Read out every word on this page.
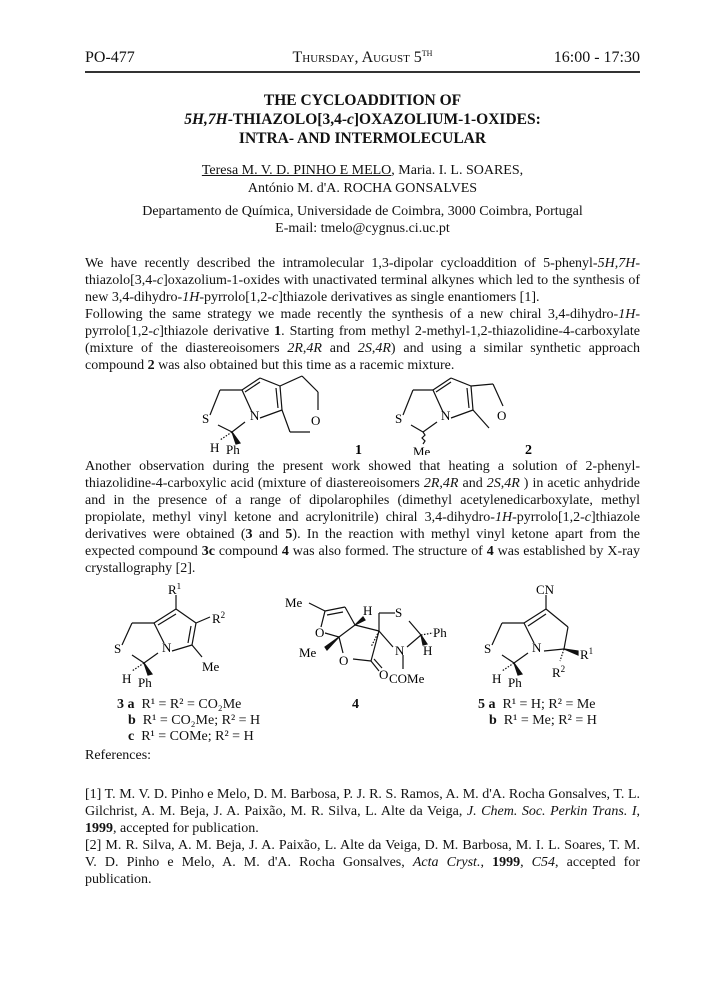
PO-477	Thursday, August 5TH	16:00 - 17:30
THE CYCLOADDITION OF
5H,7H-THIAZOLO[3,4-c]OXAZOLIUM-1-OXIDES:
INTRA- AND INTERMOLECULAR
Teresa M. V. D. PINHO E MELO, Maria. I. L. SOARES,
António M. d'A. ROCHA GONSALVES
Departamento de Química, Universidade de Coimbra, 3000 Coimbra, Portugal
E-mail: tmelo@cygnus.ci.uc.pt
We have recently described the intramolecular 1,3-dipolar cycloaddition of 5-phenyl-5H,7H-thiazolo[3,4-c]oxazolium-1-oxides with unactivated terminal alkynes which led to the synthesis of new 3,4-dihydro-1H-pyrrolo[1,2-c]thiazole derivatives as single enantiomers [1].
Following the same strategy we made recently the synthesis of a new chiral 3,4-dihydro-1H-pyrrolo[1,2-c]thiazole derivative 1. Starting from methyl 2-methyl-1,2-thiazolidine-4-carboxylate (mixture of the diastereoisomers 2R,4R and 2S,4R) and using a similar synthetic approach compound 2 was also obtained but this time as a racemic mixture.
S	N	O
H Ph	1
S	N	O
Me	2
Another observation during the present work showed that heating a solution of 2-phenyl-thiazolidine-4-carboxylic acid (mixture of diastereoisomers 2R,4R and 2S,4R ) in acetic anhydride and in the presence of a range of dipolarophiles (dimethyl acetylenedicarboxylate, methyl propiolate, methyl vinyl ketone and acrylonitrile) chiral 3,4-dihydro-1H-pyrrolo[1,2-c]thiazole derivatives were obtained (3 and 5). In the reaction with methyl vinyl ketone apart from the expected compound 3c compound 4 was also formed. The structure of 4 was established by X-ray crystallography [2].
S	N
$R^1$
$R^2$
Me
H Ph
3 a R¹ = R² = CO₂Me
b R¹ = CO₂Me; R² = H
c R¹ = COMe; R² = H
Me
O
Me
O
O
H S
Ph
N H
COMe
4
CN
S	N	$R^1$
$R^2$
H Ph
5 a R¹ = H; R² = Me
b R¹ = Me; R² = H
References:

[1] T. M. V. D. Pinho e Melo, D. M. Barbosa, P. J. R. S. Ramos, A. M. d'A. Rocha Gonsalves, T. L. Gilchrist, A. M. Beja, J. A. Paixão, M. R. Silva, L. Alte da Veiga, J. Chem. Soc. Perkin Trans. I, 1999, accepted for publication.

[2] M. R. Silva, A. M. Beja, J. A. Paixão, L. Alte da Veiga, D. M. Barbosa, M. I. L. Soares, T. M. V. D. Pinho e Melo, A. M. d'A. Rocha Gonsalves, Acta Cryst., 1999, C54, accepted for publication.
